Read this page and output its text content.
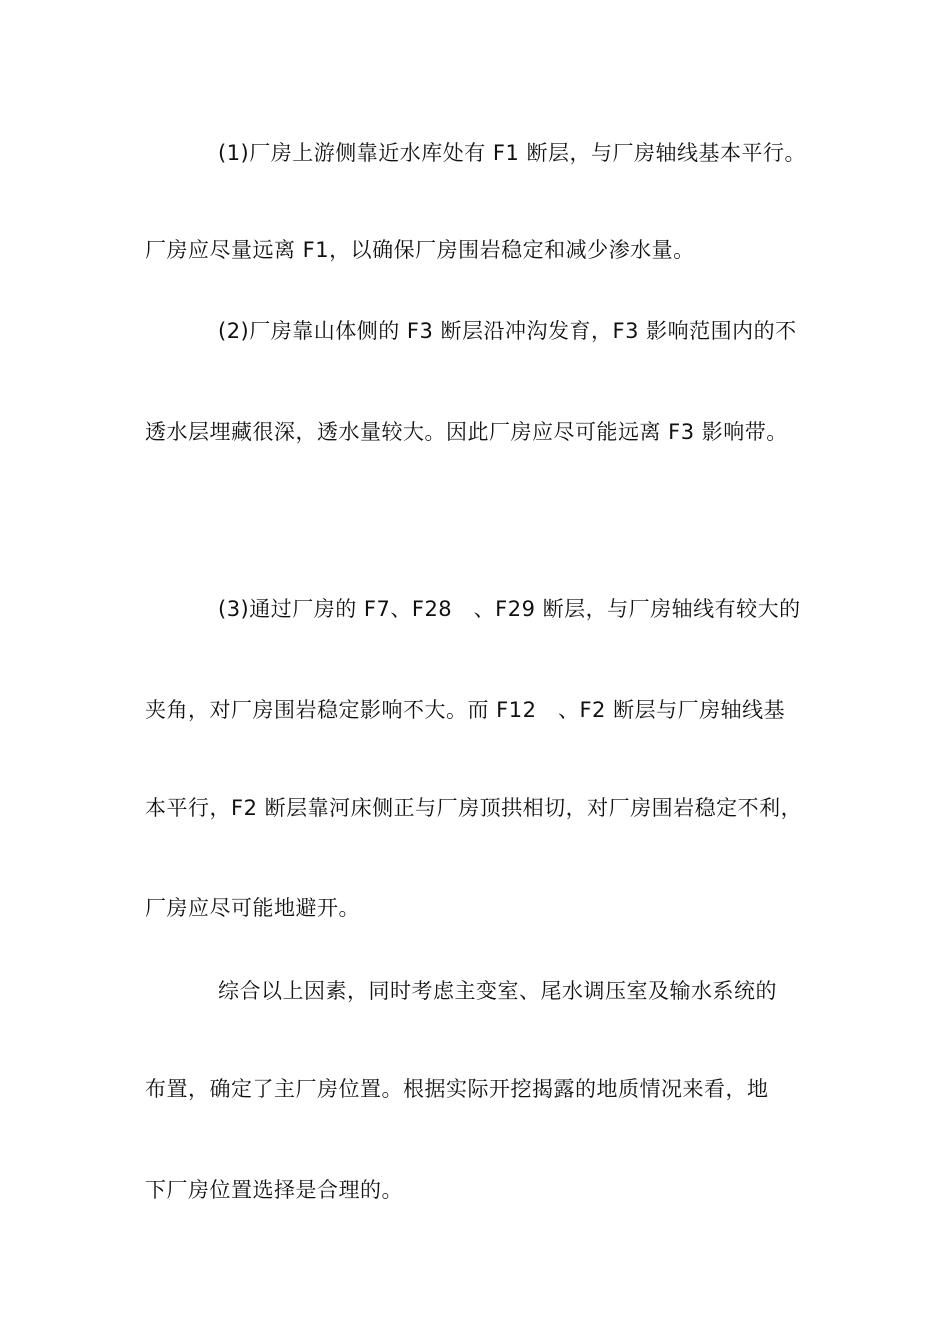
(1)厂房上游侧靠近水库处有 F1 断层，与厂房轴线基本平行。
厂房应尽量远离 F1，以确保厂房围岩稳定和减少渗水量。
(2)厂房靠山体侧的 F3 断层沿冲沟发育，F3 影响范围内的不
透水层埋藏很深，透水量较大。因此厂房应尽可能远离 F3 影响带。
(3)通过厂房的 F7、F28　、F29 断层，与厂房轴线有较大的
夹角，对厂房围岩稳定影响不大。而 F12　、F2 断层与厂房轴线基
本平行，F2 断层靠河床侧正与厂房顶拱相切，对厂房围岩稳定不利，
厂房应尽可能地避开。
综合以上因素，同时考虑主变室、尾水调压室及输水系统的
布置，确定了主厂房位置。根据实际开挖揭露的地质情况来看，地
下厂房位置选择是合理的。
